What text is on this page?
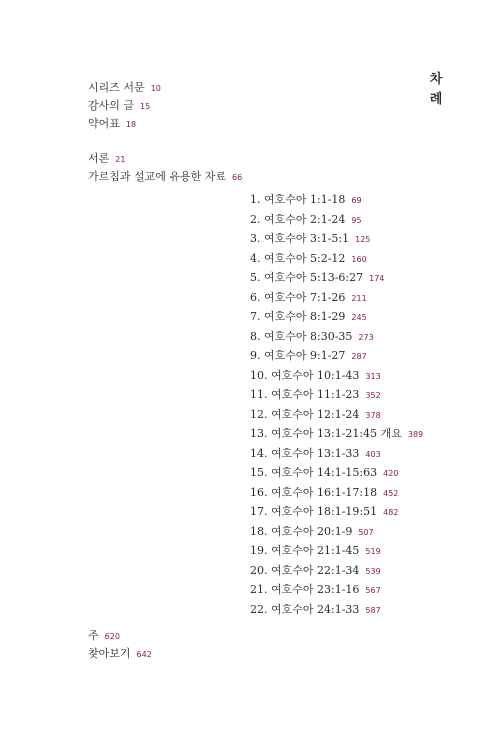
차
례
시리즈 서문 10
감사의 글 15
약어표 18
서론 21
가르침과 설교에 유용한 자료 66
1. 여호수아 1:1-18 69
2. 여호수아 2:1-24 95
3. 여호수아 3:1-5:1 125
4. 여호수아 5:2-12 160
5. 여호수아 5:13-6:27 174
6. 여호수아 7:1-26 211
7. 여호수아 8:1-29 245
8. 여호수아 8:30-35 273
9. 여호수아 9:1-27 287
10. 여호수아 10:1-43 313
11. 여호수아 11:1-23 352
12. 여호수아 12:1-24 378
13. 여호수아 13:1-21:45 개요 389
14. 여호수아 13:1-33 403
15. 여호수아 14:1-15:63 420
16. 여호수아 16:1-17:18 452
17. 여호수아 18:1-19:51 482
18. 여호수아 20:1-9 507
19. 여호수아 21:1-45 519
20. 여호수아 22:1-34 539
21. 여호수아 23:1-16 567
22. 여호수아 24:1-33 587
주 620
찾아보기 642
